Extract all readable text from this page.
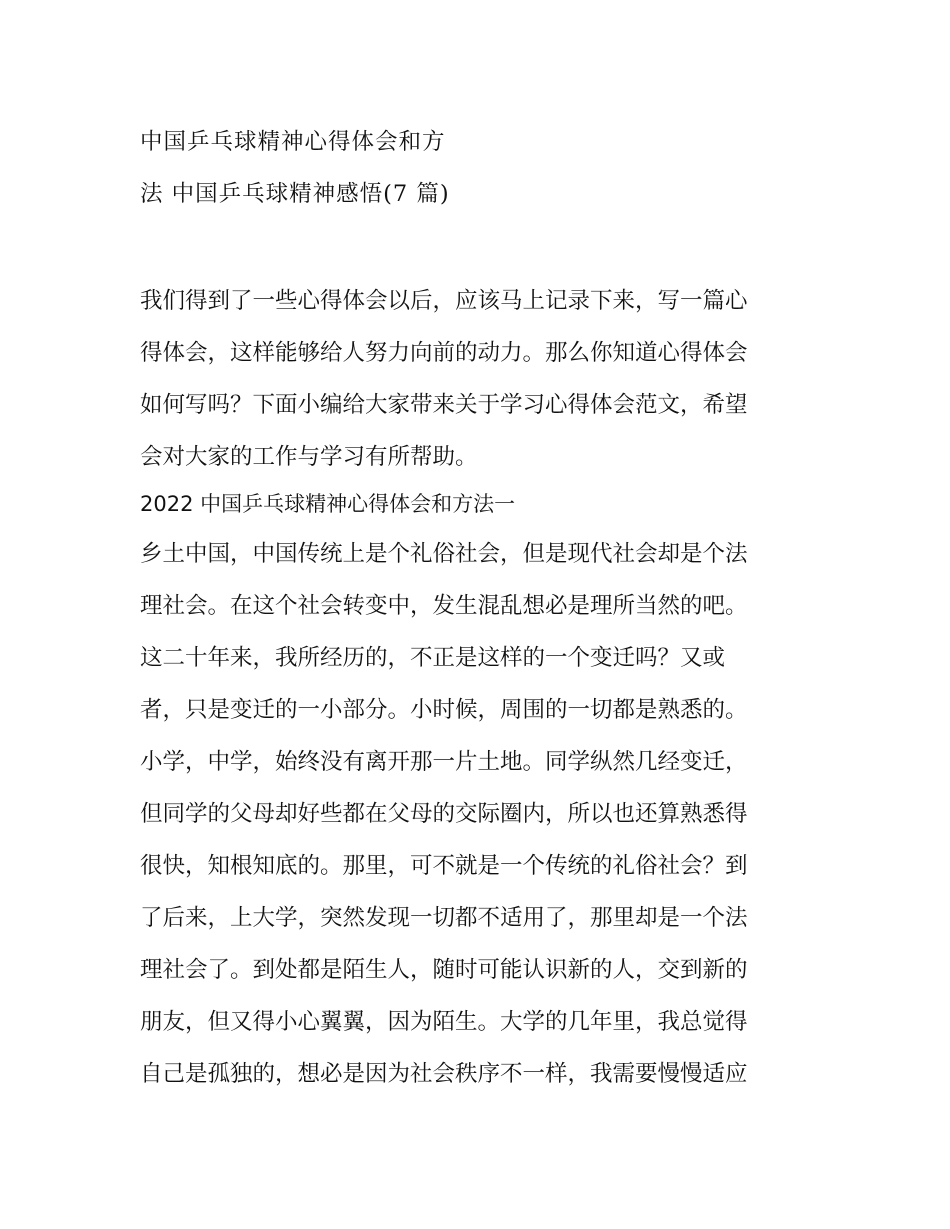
中国乒乓球精神心得体会和方
法 中国乒乓球精神感悟(7 篇)
我们得到了一些心得体会以后，应该马上记录下来，写一篇心
得体会，这样能够给人努力向前的动力。那么你知道心得体会
如何写吗？下面小编给大家带来关于学习心得体会范文，希望
会对大家的工作与学习有所帮助。
2022 中国乒乓球精神心得体会和方法一
乡土中国，中国传统上是个礼俗社会，但是现代社会却是个法
理社会。在这个社会转变中，发生混乱想必是理所当然的吧。
这二十年来，我所经历的，不正是这样的一个变迁吗？又或
者，只是变迁的一小部分。小时候，周围的一切都是熟悉的。
小学，中学，始终没有离开那一片土地。同学纵然几经变迁，
但同学的父母却好些都在父母的交际圈内，所以也还算熟悉得
很快，知根知底的。那里，可不就是一个传统的礼俗社会？到
了后来，上大学，突然发现一切都不适用了，那里却是一个法
理社会了。到处都是陌生人，随时可能认识新的人，交到新的
朋友，但又得小心翼翼，因为陌生。大学的几年里，我总觉得
自己是孤独的，想必是因为社会秩序不一样，我需要慢慢适应
